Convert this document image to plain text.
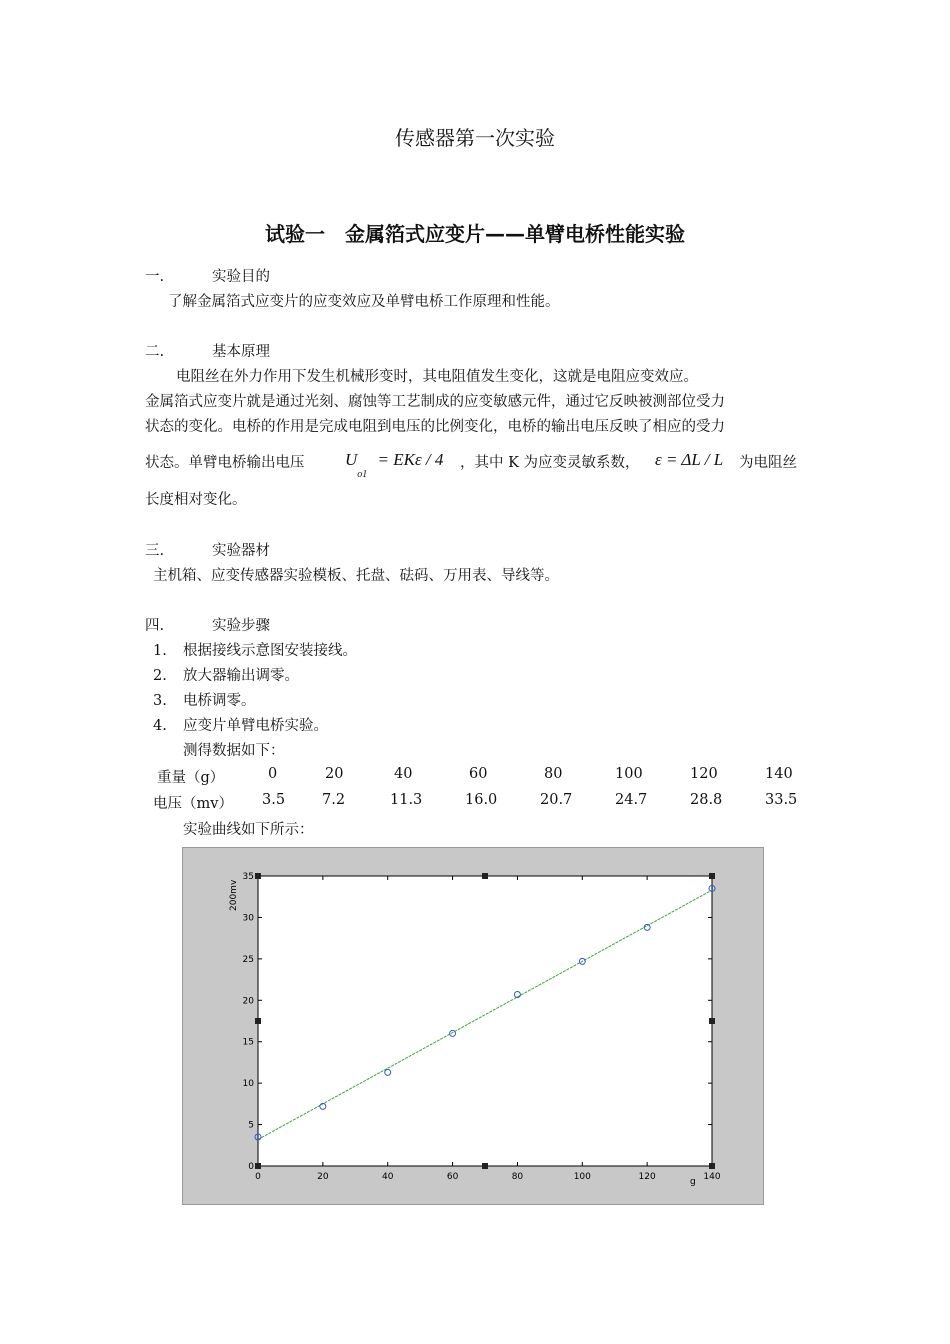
传感器第一次实验
试验一　金属箔式应变片——单臂电桥性能实验
一.	实验目的
了解金属箔式应变片的应变效应及单臂电桥工作原理和性能。
二.	基本原理
电阻丝在外力作用下发生机械形变时，其电阻值发生变化，这就是电阻应变效应。
金属箔式应变片就是通过光刻、腐蚀等工艺制成的应变敏感元件，通过它反映被测部位受力
状态的变化。电桥的作用是完成电阻到电压的比例变化，电桥的输出电压反映了相应的受力
状态。单臂电桥输出电压 $U_{o1} = EK\varepsilon / 4$ ，其中 K 为应变灵敏系数， ε = ΔL / L 为电阻丝
长度相对变化。
三.	实验器材
主机箱、应变传感器实验模板、托盘、砝码、万用表、导线等。
四.	实验步骤
1. 根据接线示意图安装接线。
2. 放大器输出调零。
3. 电桥调零。
4. 应变片单臂电桥实验。
测得数据如下：
重量（g）	0	20	40	60	80	100	120	140
电压（mv） 3.5	7.2	11.3	16.0	20.7	24.7	28.8	33.5
实验曲线如下所示：
0	20	40	60	80	100	120	140
0
5
10
15
20
25
30
35
g
200mv
